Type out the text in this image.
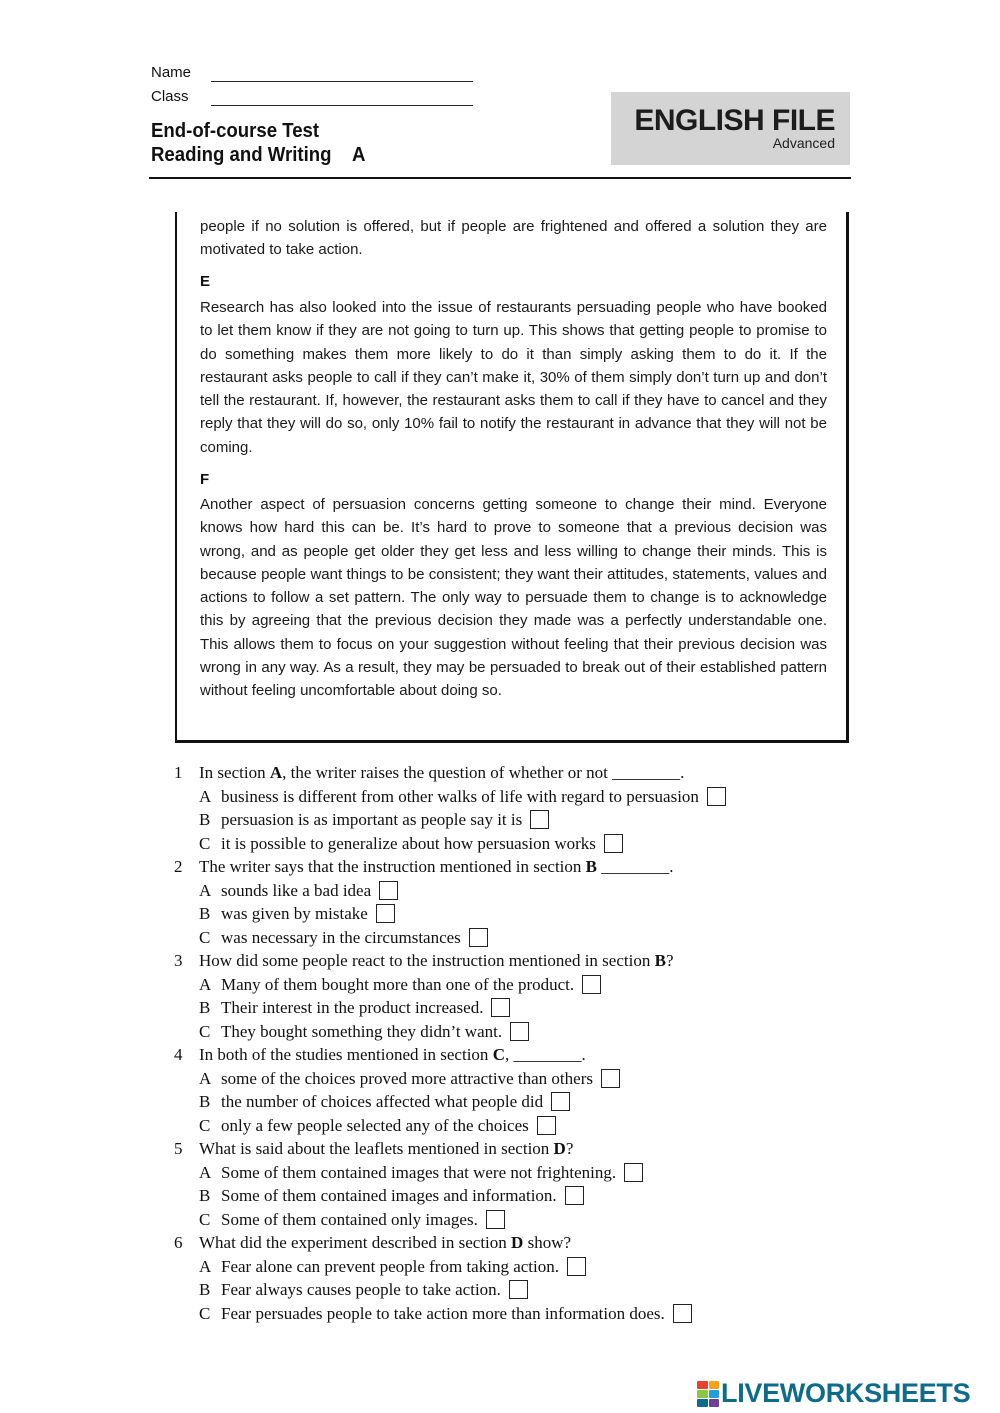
Name
Class
End-of-course Test
Reading and Writing A
ENGLISH FILE
Advanced

people if no solution is offered, but if people are frightened and offered a solution they are motivated to take action.

E

Research has also looked into the issue of restaurants persuading people who have booked to let them know if they are not going to turn up. This shows that getting people to promise to do something makes them more likely to do it than simply asking them to do it. If the restaurant asks people to call if they can’t make it, 30% of them simply don’t turn up and don’t tell the restaurant. If, however, the restaurant asks them to call if they have to cancel and they reply that they will do so, only 10% fail to notify the restaurant in advance that they will not be coming.

F

Another aspect of persuasion concerns getting someone to change their mind. Everyone knows how hard this can be. It’s hard to prove to someone that a previous decision was wrong, and as people get older they get less and less willing to change their minds. This is because people want things to be consistent; they want their attitudes, statements, values and actions to follow a set pattern. The only way to persuade them to change is to acknowledge this by agreeing that the previous decision they made was a perfectly understandable one. This allows them to focus on your suggestion without feeling that their previous decision was wrong in any way. As a result, they may be persuaded to break out of their established pattern without feeling uncomfortable about doing so.

1 In section A, the writer raises the question of whether or not ________.
A business is different from other walks of life with regard to persuasion
B persuasion is as important as people say it is
C it is possible to generalize about how persuasion works
2 The writer says that the instruction mentioned in section B ________.
A sounds like a bad idea
B was given by mistake
C was necessary in the circumstances
3 How did some people react to the instruction mentioned in section B?
A Many of them bought more than one of the product.
B Their interest in the product increased.
C They bought something they didn’t want.
4 In both of the studies mentioned in section C, ________.
A some of the choices proved more attractive than others
B the number of choices affected what people did
C only a few people selected any of the choices
5 What is said about the leaflets mentioned in section D?
A Some of them contained images that were not frightening.
B Some of them contained images and information.
C Some of them contained only images.
6 What did the experiment described in section D show?
A Fear alone can prevent people from taking action.
B Fear always causes people to take action.
C Fear persuades people to take action more than information does.
LIVEWORKSHEETS
